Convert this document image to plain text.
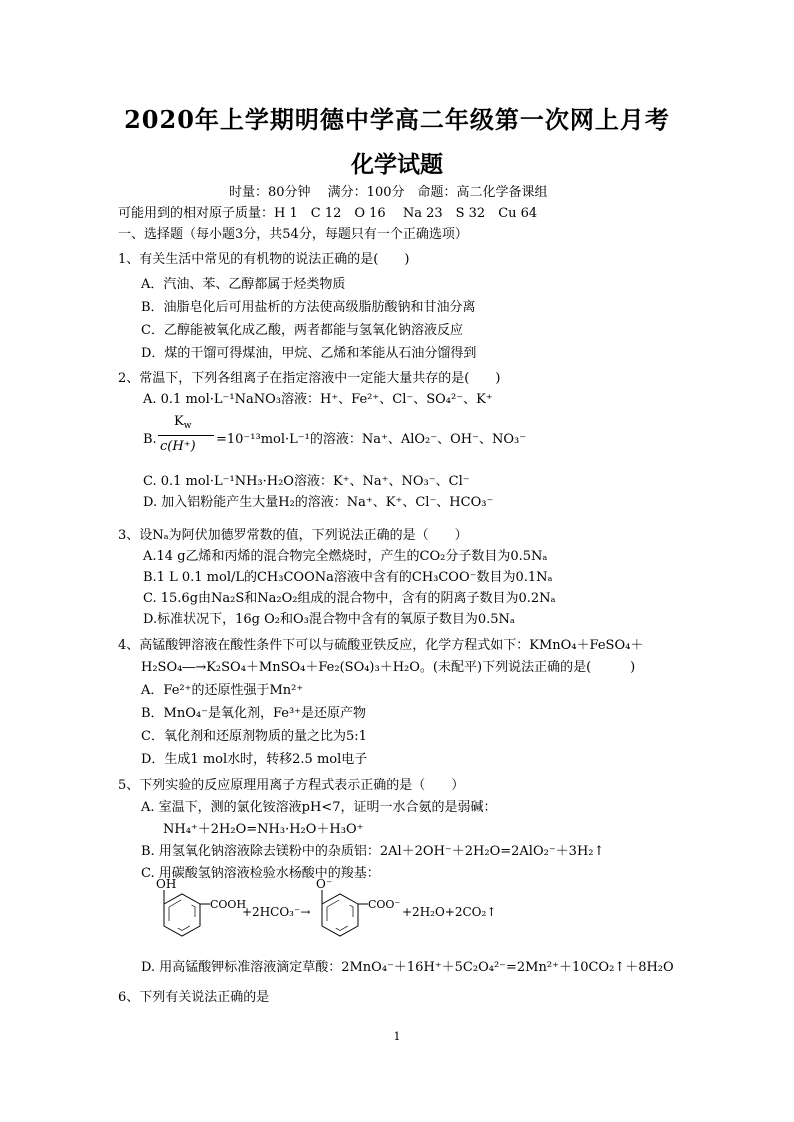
2020年上学期明德中学高二年级第一次网上月考
化学试题
时量：80分钟　 满分：100分　命题：高二化学备课组
可能用到的相对原子质量：H 1　C 12　O 16　 Na 23　S 32　Cu 64
一、选择题（每小题3分，共54分，每题只有一个正确选项）
1、有关生活中常见的有机物的说法正确的是(　　)
A．汽油、苯、乙醇都属于烃类物质
B．油脂皂化后可用盐析的方法使高级脂肪酸钠和甘油分离
C．乙醇能被氧化成乙酸，两者都能与氢氧化钠溶液反应
D．煤的干馏可得煤油，甲烷、乙烯和苯能从石油分馏得到
2、常温下，下列各组离子在指定溶液中一定能大量共存的是(　　)
A. 0.1 mol·L⁻¹NaNO₃溶液：H⁺、Fe²⁺、Cl⁻、SO₄²⁻、K⁺
B.
$K_w$
c(H⁺) =10⁻¹³mol·L⁻¹的溶液：Na⁺、AlO₂⁻、OH⁻、NO₃⁻
C. 0.1 mol·L⁻¹NH₃·H₂O溶液：K⁺、Na⁺、NO₃⁻、Cl⁻
D. 加入铝粉能产生大量H₂的溶液：Na⁺、K⁺、Cl⁻、HCO₃⁻
3、设Nₐ为阿伏加德罗常数的值，下列说法正确的是（　　）
A.14 g乙烯和丙烯的混合物完全燃烧时，产生的CO₂分子数目为0.5Nₐ
B.1 L 0.1 mol/L的CH₃COONa溶液中含有的CH₃COO⁻数目为0.1Nₐ
C. 15.6g由Na₂S和Na₂O₂组成的混合物中，含有的阴离子数目为0.2Nₐ
D.标准状况下，16g O₂和O₃混合物中含有的氧原子数目为0.5Nₐ
4、高锰酸钾溶液在酸性条件下可以与硫酸亚铁反应，化学方程式如下：KMnO₄＋FeSO₄＋
H₂SO₄―→K₂SO₄＋MnSO₄＋Fe₂(SO₄)₃＋H₂O。(未配平)下列说法正确的是(　　　)
A．Fe²⁺的还原性强于Mn²⁺
B．MnO₄⁻是氧化剂，Fe³⁺是还原产物
C．氧化剂和还原剂物质的量之比为5:1
D．生成1 mol水时，转移2.5 mol电子
5、下列实验的反应原理用离子方程式表示正确的是（　　）
A. 室温下，测的氯化铵溶液pH<7，证明一水合氨的是弱碱：
NH₄⁺＋2H₂O=NH₃·H₂O＋H₃O⁺
B. 用氢氧化钠溶液除去镁粉中的杂质铝：2Al＋2OH⁻＋2H₂O=2AlO₂⁻＋3H₂↑
C. 用碳酸氢钠溶液检验水杨酸中的羧基：
OH
COOH
+2HCO₃⁻→
O⁻
COO⁻
+2H₂O+2CO₂↑
D. 用高锰酸钾标准溶液滴定草酸：2MnO₄⁻＋16H⁺＋5C₂O₄²⁻=2Mn²⁺＋10CO₂↑＋8H₂O
6、下列有关说法正确的是
1
